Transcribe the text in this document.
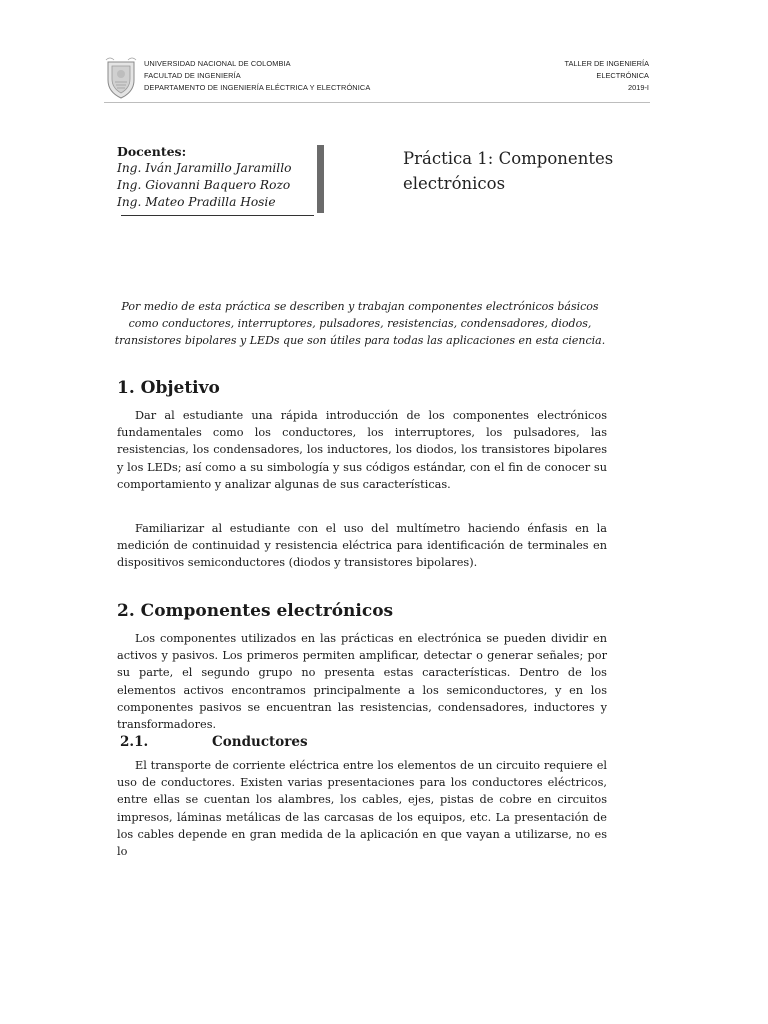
UNIVERSIDAD NACIONAL DE COLOMBIA
FACULTAD DE INGENIERÍA
DEPARTAMENTO DE INGENIERÍA ELÉCTRICA Y ELECTRÓNICA
TALLER DE INGENIERÍA
ELECTRÓNICA
2019-I
Docentes:
Ing. Iván Jaramillo Jaramillo
Ing. Giovanni Baquero Rozo
Ing. Mateo Pradilla Hosie
Práctica 1: Componentes
electrónicos
Por medio de esta práctica se describen y trabajan componentes electrónicos básicos
como conductores, interruptores, pulsadores, resistencias, condensadores, diodos,
transistores bipolares y LEDs que son útiles para todas las aplicaciones en esta ciencia.
1. Objetivo
Dar al estudiante una rápida introducción de los componentes electrónicos fundamentales como los conductores, los interruptores, los pulsadores, las resistencias, los condensadores, los inductores, los diodos, los transistores bipolares y los LEDs; así como a su simbología y sus códigos estándar, con el fin de conocer su comportamiento y analizar algunas de sus características.
Familiarizar al estudiante con el uso del multímetro haciendo énfasis en la medición de continuidad y resistencia eléctrica para identificación de terminales en dispositivos semiconductores (diodos y transistores bipolares).
2. Componentes electrónicos
Los componentes utilizados en las prácticas en electrónica se pueden dividir en activos y pasivos. Los primeros permiten amplificar, detectar o generar señales; por su parte, el segundo grupo no presenta estas características. Dentro de los elementos activos encontramos principalmente a los semiconductores, y en los componentes pasivos se encuentran las resistencias, condensadores, inductores y transformadores.
2.1.	Conductores
El transporte de corriente eléctrica entre los elementos de un circuito requiere el uso de conductores. Existen varias presentaciones para los conductores eléctricos, entre ellas se cuentan los alambres, los cables, ejes, pistas de cobre en circuitos impresos, láminas metálicas de las carcasas de los equipos, etc. La presentación de los cables depende en gran medida de la aplicación en que vayan a utilizarse, no es lo
